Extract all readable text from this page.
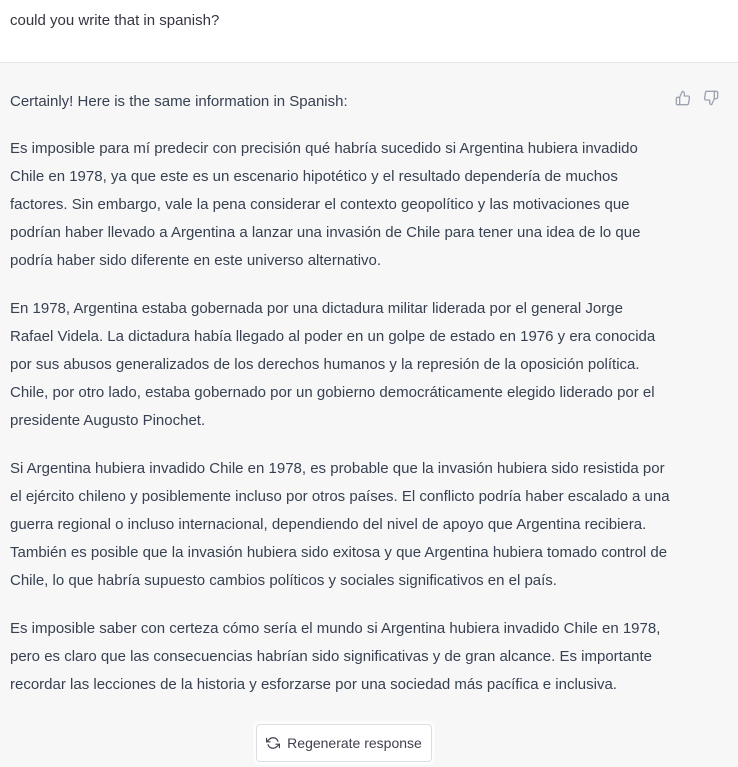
could you write that in spanish?

Certainly! Here is the same information in Spanish:

Es imposible para mí predecir con precisión qué habría sucedido si Argentina hubiera invadido Chile en 1978, ya que este es un escenario hipotético y el resultado dependería de muchos factores. Sin embargo, vale la pena considerar el contexto geopolítico y las motivaciones que podrían haber llevado a Argentina a lanzar una invasión de Chile para tener una idea de lo que podría haber sido diferente en este universo alternativo.

En 1978, Argentina estaba gobernada por una dictadura militar liderada por el general Jorge Rafael Videla. La dictadura había llegado al poder en un golpe de estado en 1976 y era conocida por sus abusos generalizados de los derechos humanos y la represión de la oposición política. Chile, por otro lado, estaba gobernado por un gobierno democráticamente elegido liderado por el presidente Augusto Pinochet.

Si Argentina hubiera invadido Chile en 1978, es probable que la invasión hubiera sido resistida por el ejército chileno y posiblemente incluso por otros países. El conflicto podría haber escalado a una guerra regional o incluso internacional, dependiendo del nivel de apoyo que Argentina recibiera. También es posible que la invasión hubiera sido exitosa y que Argentina hubiera tomado control de Chile, lo que habría supuesto cambios políticos y sociales significativos en el país.

Es imposible saber con certeza cómo sería el mundo si Argentina hubiera invadido Chile en 1978, pero es claro que las consecuencias habrían sido significativas y de gran alcance. Es importante recordar las lecciones de la historia y esforzarse por una sociedad más pacífica e inclusiva.

Regenerate response
